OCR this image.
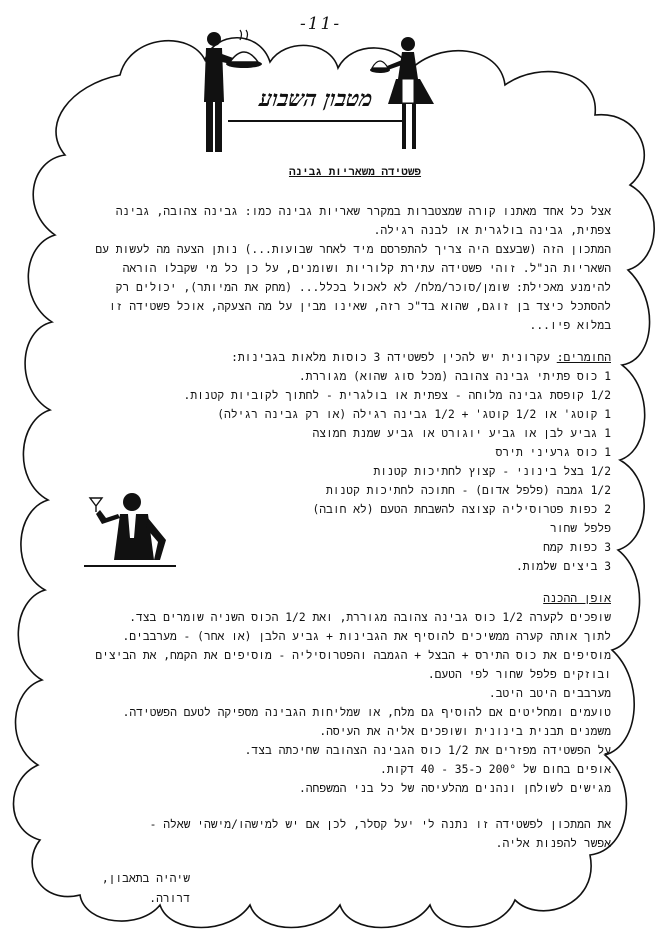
-11-
מטבון השבוע
פשטידה משאריות גבינה
אצל כל אחד מאתנו קורה שמצטברות במקרר שאריות גבינה כמו: גבינה צהובה, גבינה
צפתית, גבינה בולגרית או לבנה רגילה.
המתכון הזה (שבעצם היה צריך להתפרסם מיד לאחר שבועות...) נותן הצעה מה לעשות עם
השאריות הנ"ל. זוהי פשטידה עתירת קלוריות ושומנים, על כן כל מי שקבלו הוראה
להימנע מאכילת: שומן/סוכר/מלח/ לא לאכול בכלל... (מחק את המיותר), יכולים רק
להסתכל כיצד בן זוגם, שהוא בד"כ רזה, שאינו מבין על מה הצעקה, אוכל פשטידה זו
במלוא פיו...
החומרים: עקרונית יש להכין לפשטידה 3 כוסות מלאות בגבינות:
1 כוס פתיתי גבינה צהובה (מכל סוג שהוא) מגוררת.
1/2 קופסת גבינה מלוחה - צפתית או בולגרית - לחתוך לקוביות קטנות.
1 קוטג' או 1/2 קוטג' + 1/2 גבינה רגילה (או רק גבינה רגילה)
1 גביע לבן או גביע יוגורט או גביע שמנת חמוצה
1 כוס גרעיני תירס
1/2 בצל בינוני - קצוץ לחתיכות קטנות
1/2 גמבה (פלפל אדום) - חתוכה לחתיכות קטנות
2 כפות פטרוסיליה קצוצה להשבחת הטעם (לא חובה)
פלפל שחור
3 כפות קמח
3 ביצים שלמות.
אופן ההכנה
שופכים לקערה 1/2 כוס גבינה צהובה מגוררת, ואת 1/2 הכוס השניה שומרים בצד.
לתוך אותה קערה ממשיכים להוסיף את הגבינות + גביע הלבן (או אחר) - מערבבים.
מוסיפים את כוס התירס + הבצל + הגמבה והפטרוסיליה - מוסיפים את הקמח, את הביצים
ובוזקים פלפל שחור לפי הטעם.
מערבבים היטב היטב.
טועמים ומחליטים אם להוסיף גם מלח, או שמליחות הגבינה מספיקה לטעם הפשטידה.
משמנים תבנית בינונית ושופכים אליה את העיסה.
על הפשטידה מפזרים את 1/2 כוס הגבינה הצהובה שחיכתה בצד.
אופים בחום של 200° כ-35 - 40 דקות.
מגישים לשולחן ונהנים מהלעיסה של כל בני המשפחה.
את המתכון לפשטידה זו נתנה לי יעל קסלר, לכן אם יש למישהו/מישהי שאלה -
אפשר להפנות אליה.
שיהיה בתאבון,
דרורה.
